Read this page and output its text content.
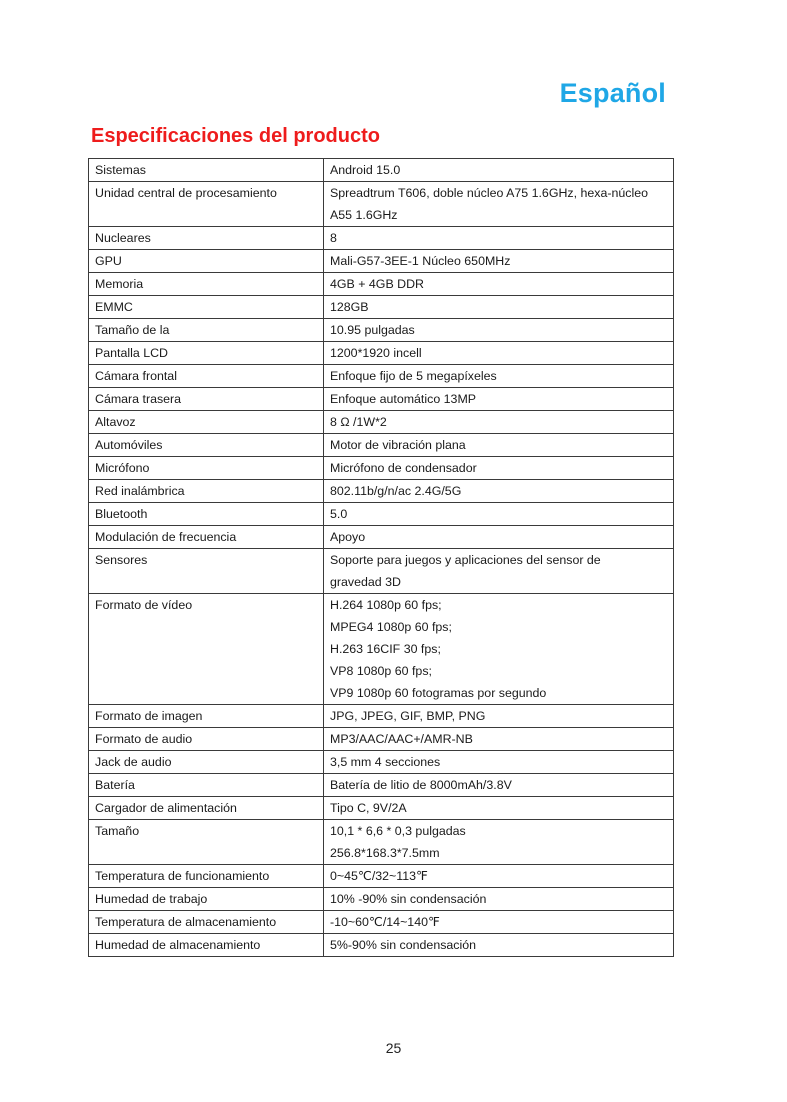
Español
Especificaciones del producto
Sistemas	Android 15.0

Unidad central de procesamiento	Spreadtrum T606, doble núcleo A75 1.6GHz, hexa-núcleo
A55 1.6GHz

Nucleares	8

GPU	Mali-G57-3EE-1 Núcleo 650MHz

Memoria	4GB + 4GB DDR

EMMC	128GB

Tamaño de la	10.95 pulgadas

Pantalla LCD	1200*1920 incell

Cámara frontal	Enfoque fijo de 5 megapíxeles

Cámara trasera	Enfoque automático 13MP

Altavoz	8 Ω /1W*2

Automóviles	Motor de vibración plana

Micrófono	Micrófono de condensador

Red inalámbrica	802.11b/g/n/ac 2.4G/5G

Bluetooth	5.0

Modulación de frecuencia	Apoyo

Sensores	Soporte para juegos y aplicaciones del sensor de
gravedad 3D

Formato de vídeo	H.264 1080p 60 fps;
MPEG4 1080p 60 fps;
H.263 16CIF 30 fps;
VP8 1080p 60 fps;
VP9 1080p 60 fotogramas por segundo

Formato de imagen	JPG, JPEG, GIF, BMP, PNG

Formato de audio	MP3/AAC/AAC+/AMR-NB

Jack de audio	3,5 mm 4 secciones

Batería	Batería de litio de 8000mAh/3.8V

Cargador de alimentación	Tipo C, 9V/2A

Tamaño	10,1 * 6,6 * 0,3 pulgadas
256.8*168.3*7.5mm

Temperatura de funcionamiento	0~45℃/32~113℉

Humedad de trabajo	10% -90% sin condensación

Temperatura de almacenamiento	-10~60℃/14~140℉

Humedad de almacenamiento	5%-90% sin condensación
25
